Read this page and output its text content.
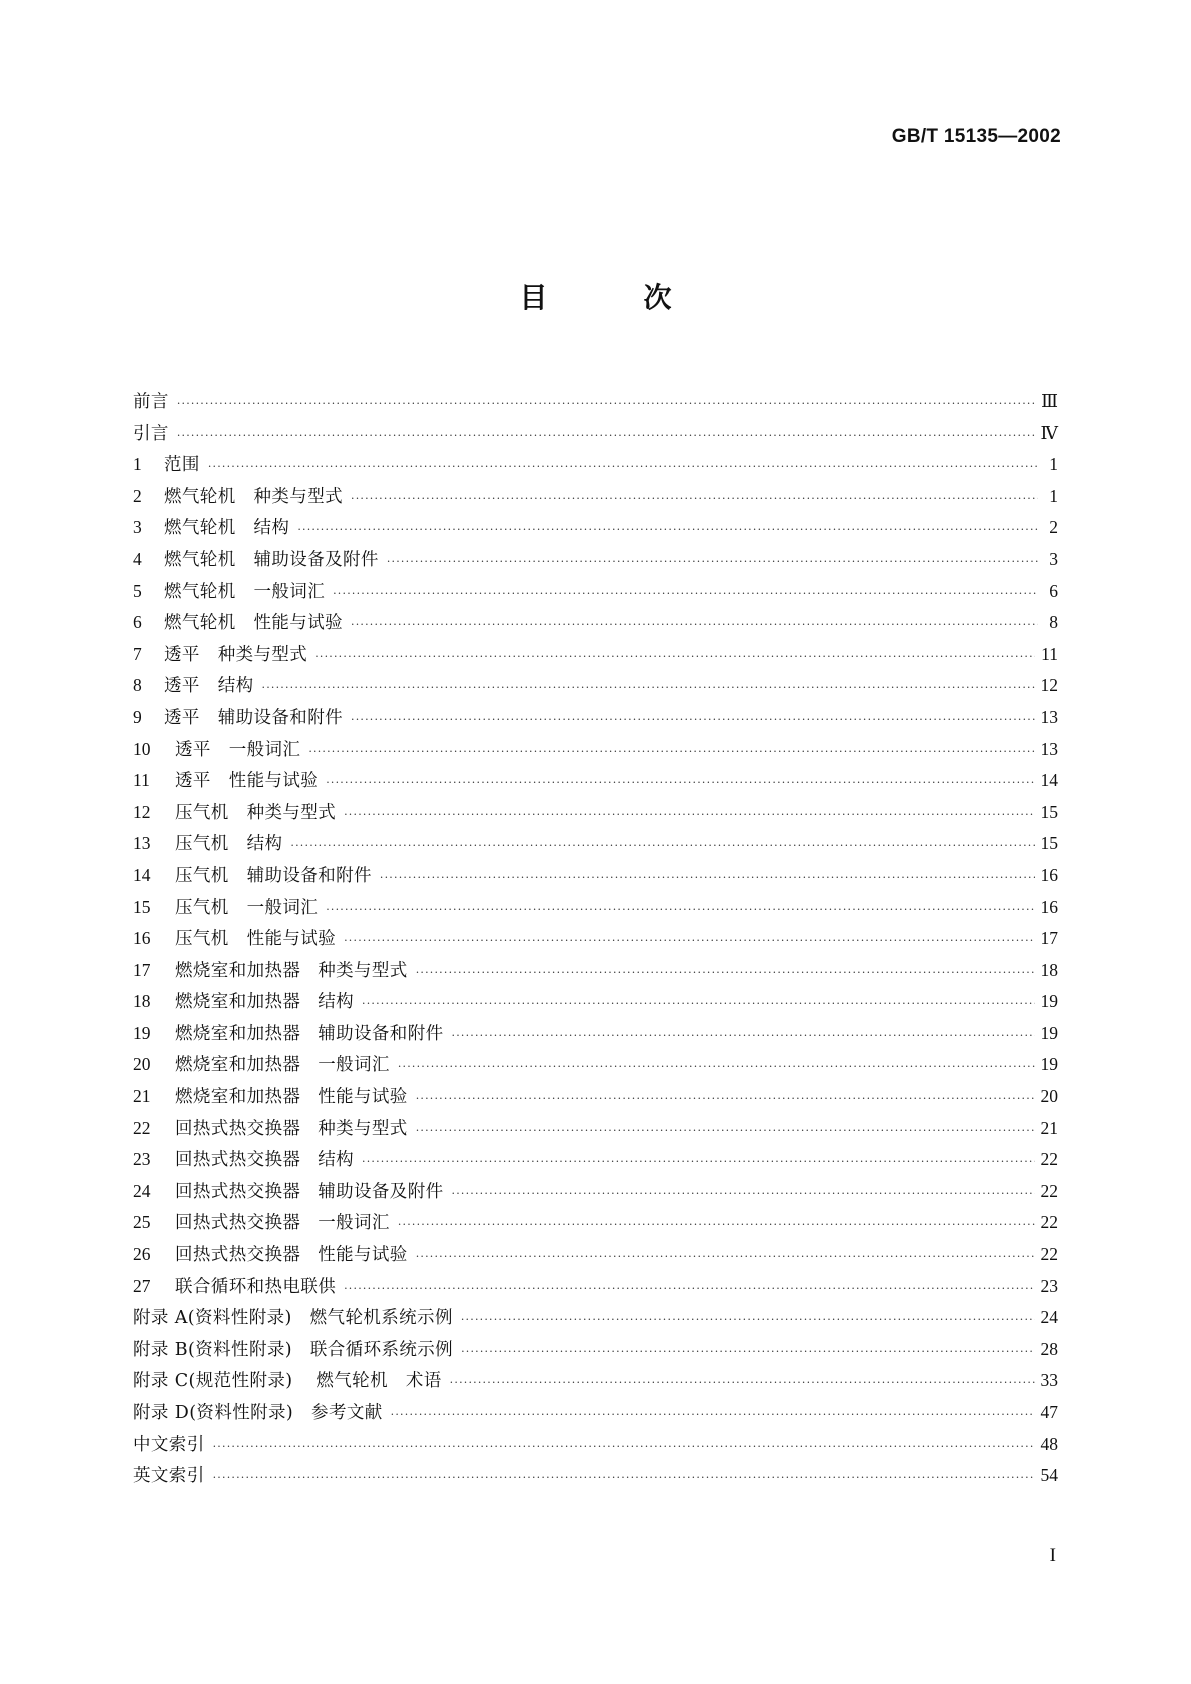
GB/T 15135—2002
目次
前言 ·····	Ⅲ
引言 ·····	Ⅳ
1	范围 ·····	1
2	燃气轮机　种类与型式 ·····	1
3	燃气轮机　结构 ·····	2
4	燃气轮机　辅助设备及附件 ·····	3
5	燃气轮机　一般词汇 ·····	6
6	燃气轮机　性能与试验 ·····	8
7	透平　种类与型式 ·····	11
8	透平　结构 ·····	12
9	透平　辅助设备和附件 ·····	13
10	透平　一般词汇 ·····	13
11	透平　性能与试验 ·····	14
12	压气机　种类与型式 ·····	15
13	压气机　结构 ·····	15
14	压气机　辅助设备和附件 ·····	16
15	压气机　一般词汇 ·····	16
16	压气机　性能与试验 ·····	17
17	燃烧室和加热器　种类与型式 ·····	18
18	燃烧室和加热器　结构 ·····	19
19	燃烧室和加热器　辅助设备和附件 ·····	19
20	燃烧室和加热器　一般词汇 ·····	19
21	燃烧室和加热器　性能与试验 ·····	20
22	回热式热交换器　种类与型式 ·····	21
23	回热式热交换器　结构 ·····	22
24	回热式热交换器　辅助设备及附件 ·····	22
25	回热式热交换器　一般词汇 ·····	22
26	回热式热交换器　性能与试验 ·····	22
27	联合循环和热电联供 ·····	23
附录 A(资料性附录)　燃气轮机系统示例 ·····	24
附录 B(资料性附录)　联合循环系统示例 ·····	28
附录 C(规范性附录)　 燃气轮机　术语 ·····	33
附录 D(资料性附录)　参考文献 ·····	47
中文索引 ·····	48
英文索引 ·····	54
I
